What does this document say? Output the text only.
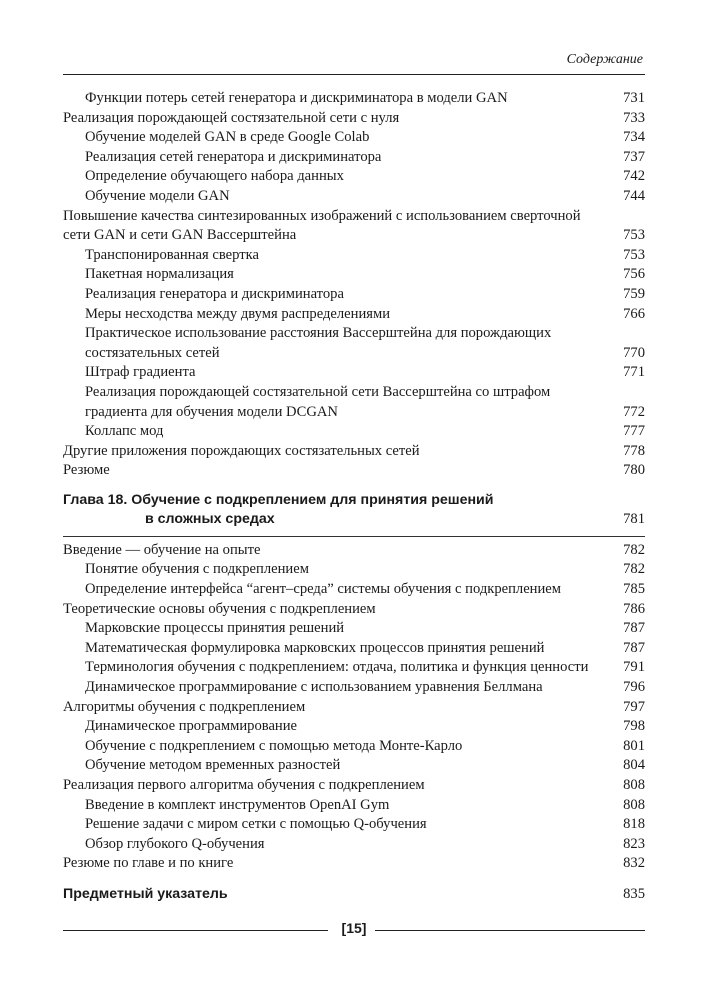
Содержание
Функции потерь сетей генератора и дискриминатора в модели GAN	731
Реализация порождающей состязательной сети с нуля	733
Обучение моделей GAN в среде Google Colab	734
Реализация сетей генератора и дискриминатора	737
Определение обучающего набора данных	742
Обучение модели GAN	744
Повышение качества синтезированных изображений с использованием сверточной сети GAN и сети GAN Вассерштейна	753
Транспонированная свертка	753
Пакетная нормализация	756
Реализация генератора и дискриминатора	759
Меры несходства между двумя распределениями	766
Практическое использование расстояния Вассерштейна для порождающих состязательных сетей	770
Штраф градиента	771
Реализация порождающей состязательной сети Вассерштейна со штрафом градиента для обучения модели DCGAN	772
Коллапс мод	777
Другие приложения порождающих состязательных сетей	778
Резюме	780
Глава 18. Обучение с подкреплением для принятия решений
в сложных средах	781
Введение — обучение на опыте	782
Понятие обучения с подкреплением	782
Определение интерфейса “агент–среда” системы обучения с подкреплением	785
Теоретические основы обучения с подкреплением	786
Марковские процессы принятия решений	787
Математическая формулировка марковских процессов принятия решений	787
Терминология обучения с подкреплением: отдача, политика и функция ценности	791
Динамическое программирование с использованием уравнения Беллмана	796
Алгоритмы обучения с подкреплением	797
Динамическое программирование	798
Обучение с подкреплением с помощью метода Монте-Карло	801
Обучение методом временных разностей	804
Реализация первого алгоритма обучения с подкреплением	808
Введение в комплект инструментов OpenAI Gym	808
Решение задачи с миром сетки с помощью Q-обучения	818
Обзор глубокого Q-обучения	823
Резюме по главе и по книге	832
Предметный указатель	835
[15]
